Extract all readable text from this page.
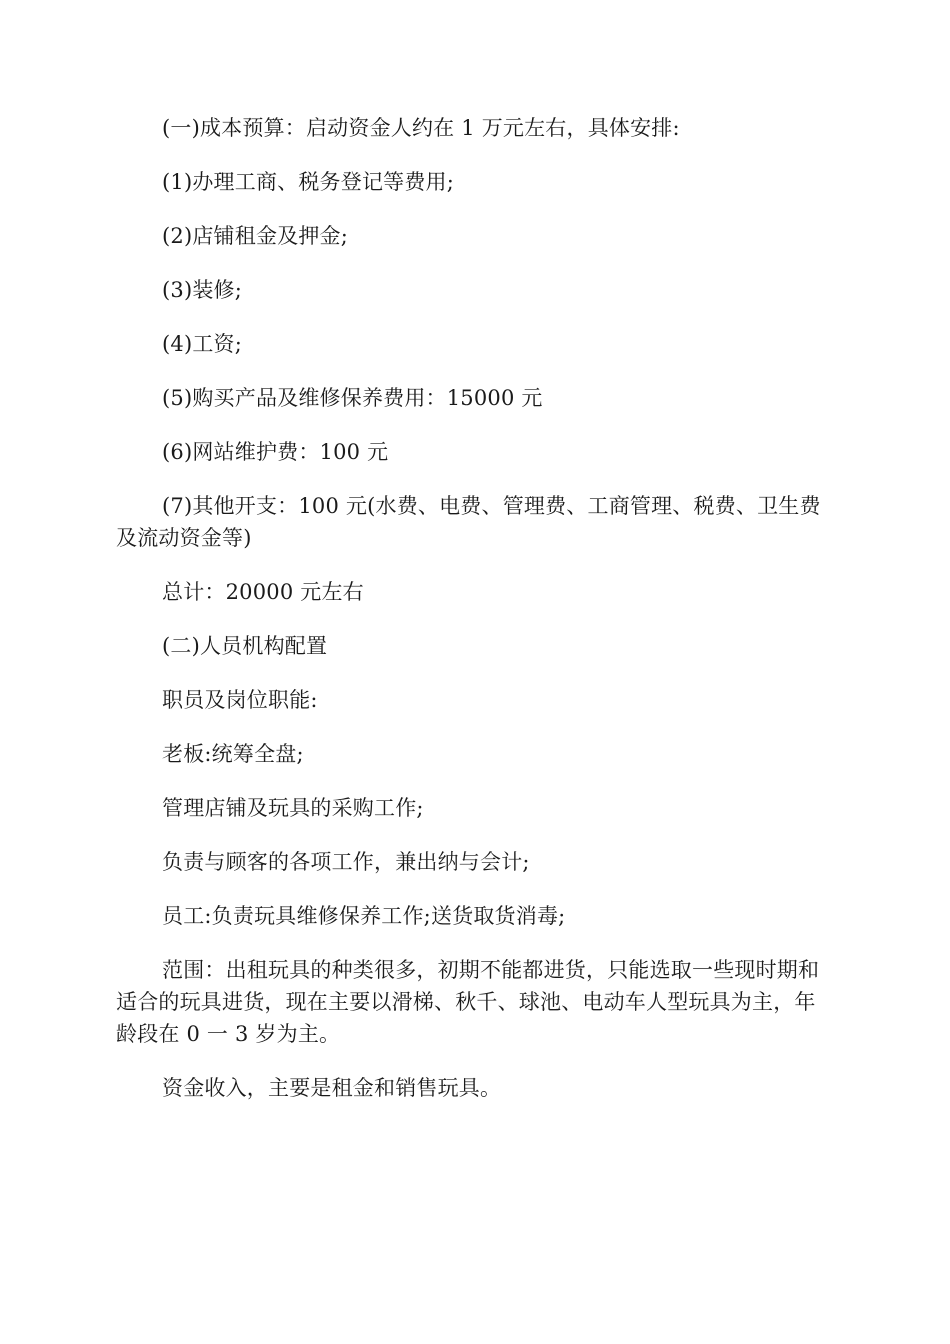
(一)成本预算：启动资金人约在 1 万元左右，具体安排:

(1)办理工商、税务登记等费用;

(2)店铺租金及押金;

(3)装修;

(4)工资;

(5)购买产品及维修保养费用：15000 元

(6)网站维护费：100 元

(7)其他开支：100 元(水费、电费、管理费、工商管理、税费、卫生费及流动资金等)

总计：20000 元左右

(二)人员机构配置

职员及岗位职能:

老板:统筹全盘;

管理店铺及玩具的采购工作;

负责与顾客的各项工作，兼出纳与会计;

员工:负责玩具维修保养工作;送货取货消毒;

范围：出租玩具的种类很多，初期不能都进货，只能选取一些现时期和适合的玩具进货，现在主要以滑梯、秋千、球池、电动车人型玩具为主，年龄段在 0 一 3 岁为主。

资金收入，主要是租金和销售玩具。
